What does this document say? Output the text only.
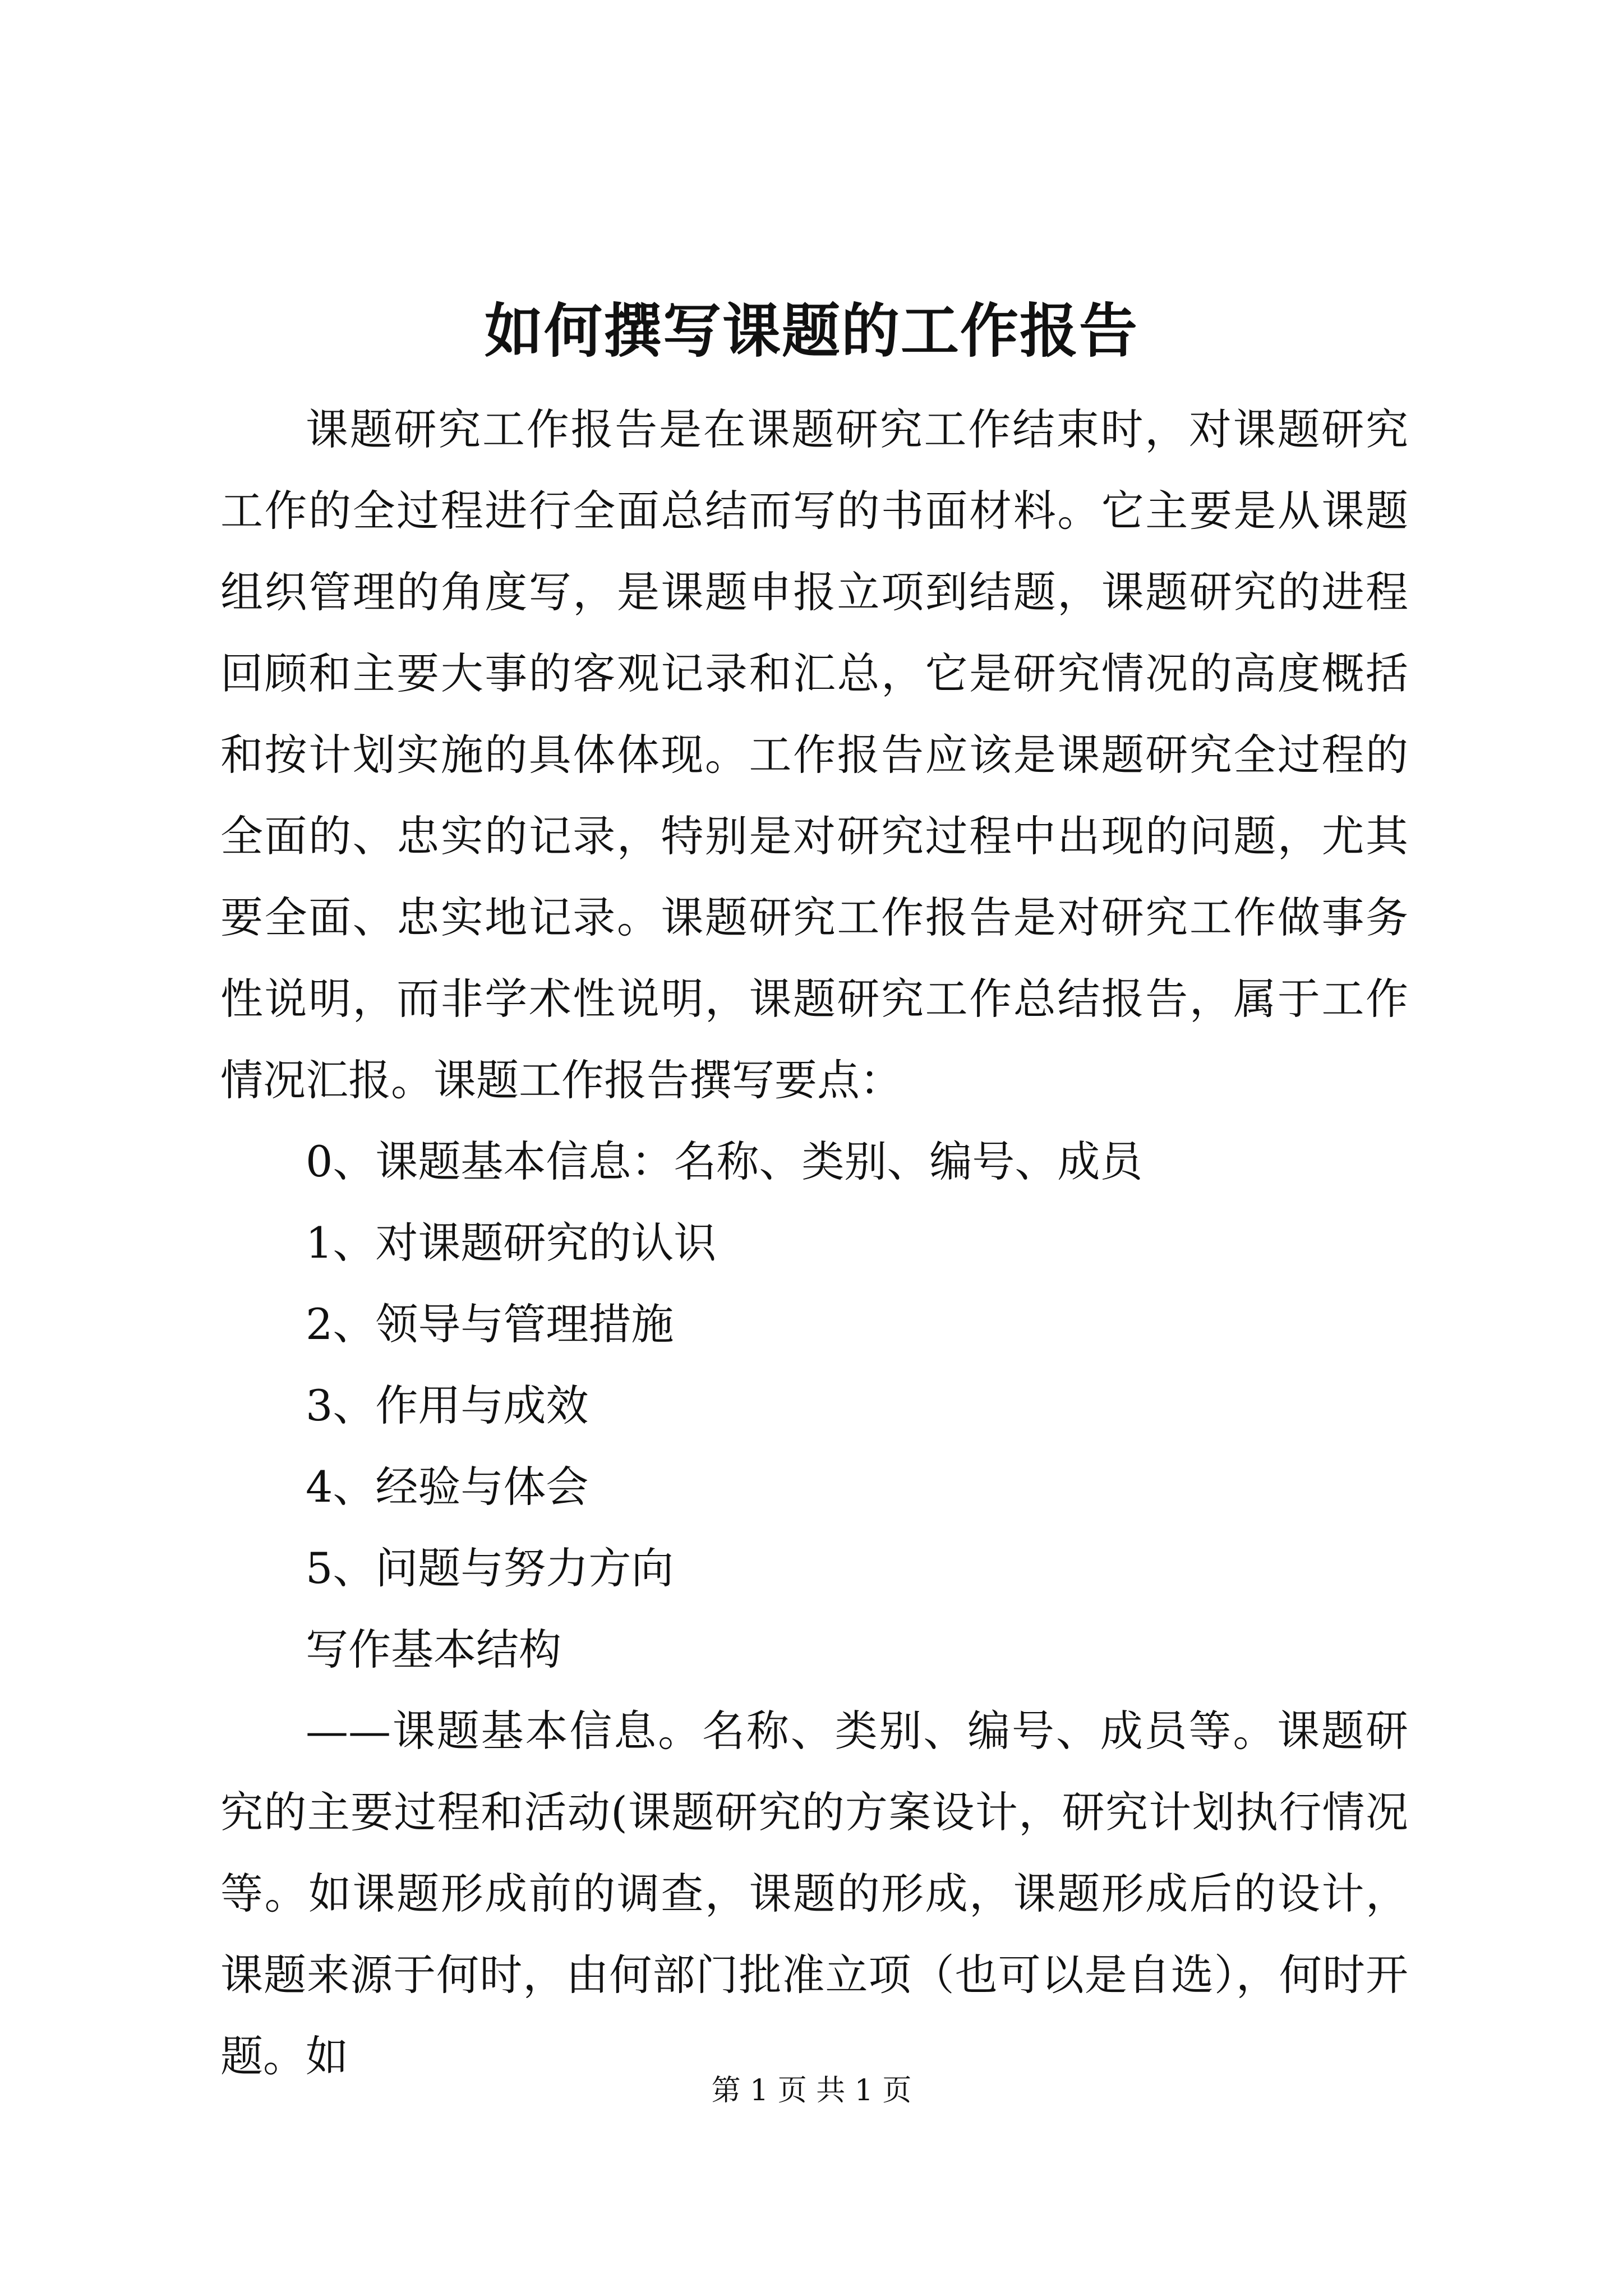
如何撰写课题的工作报告

课题研究工作报告是在课题研究工作结束时，对课题研究工作的全过程进行全面总结而写的书面材料。它主要是从课题组织管理的角度写，是课题申报立项到结题，课题研究的进程回顾和主要大事的客观记录和汇总，它是研究情况的高度概括和按计划实施的具体体现。工作报告应该是课题研究全过程的全面的、忠实的记录，特别是对研究过程中出现的问题，尤其要全面、忠实地记录。课题研究工作报告是对研究工作做事务性说明，而非学术性说明，课题研究工作总结报告，属于工作情况汇报。课题工作报告撰写要点：

0、课题基本信息：名称、类别、编号、成员

1、对课题研究的认识

2、领导与管理措施

3、作用与成效

4、经验与体会

5、问题与努力方向

写作基本结构

——课题基本信息。名称、类别、编号、成员等。课题研究的主要过程和活动(课题研究的方案设计，研究计划执行情况等。如课题形成前的调查，课题的形成，课题形成后的设计，课题来源于何时，由何部门批准立项（也可以是自选），何时开题。如

第 1 页 共 1 页
